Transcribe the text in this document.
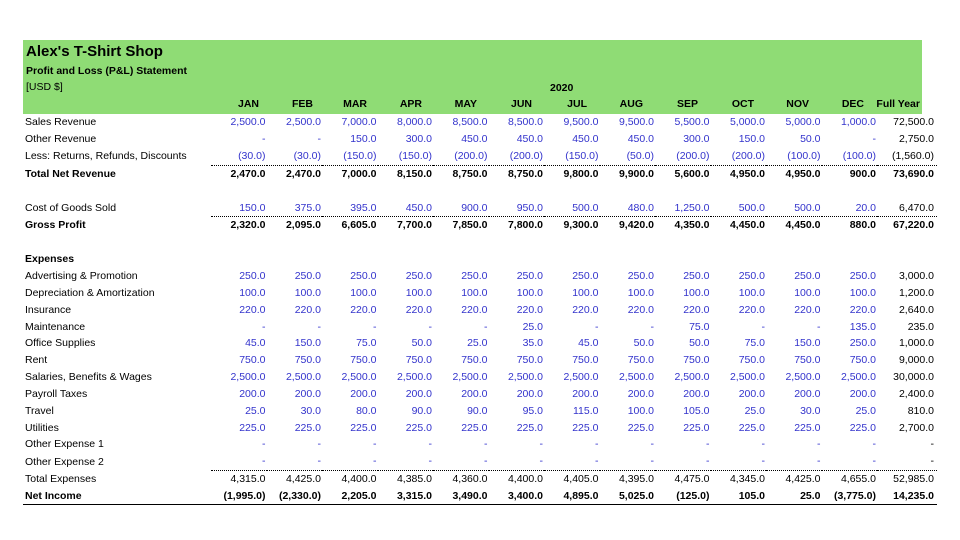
Alex's T-Shirt Shop
Profit and Loss (P&L) Statement
[USD $]	2020
JAN	FEB	MAR	APR	MAY	JUN	JUL	AUG	SEP	OCT	NOV	DEC	Full Year
Sales Revenue	2,500.0	2,500.0	7,000.0	8,000.0	8,500.0	8,500.0	9,500.0	9,500.0	5,500.0	5,000.0	5,000.0	1,000.0	72,500.0
Other Revenue	-	-	150.0	300.0	450.0	450.0	450.0	450.0	300.0	150.0	50.0	-	2,750.0
Less: Returns, Refunds, Discounts	(30.0)	(30.0)	(150.0)	(150.0)	(200.0)	(200.0)	(150.0)	(50.0)	(200.0)	(200.0)	(100.0)	(100.0)	(1,560.0)
Total Net Revenue	2,470.0	2,470.0	7,000.0	8,150.0	8,750.0	8,750.0	9,800.0	9,900.0	5,600.0	4,950.0	4,950.0	900.0	73,690.0

Cost of Goods Sold	150.0	375.0	395.0	450.0	900.0	950.0	500.0	480.0	1,250.0	500.0	500.0	20.0	6,470.0
Gross Profit	2,320.0	2,095.0	6,605.0	7,700.0	7,850.0	7,800.0	9,300.0	9,420.0	4,350.0	4,450.0	4,450.0	880.0	67,220.0

Expenses													
Advertising & Promotion	250.0	250.0	250.0	250.0	250.0	250.0	250.0	250.0	250.0	250.0	250.0	250.0	3,000.0
Depreciation & Amortization	100.0	100.0	100.0	100.0	100.0	100.0	100.0	100.0	100.0	100.0	100.0	100.0	1,200.0
Insurance	220.0	220.0	220.0	220.0	220.0	220.0	220.0	220.0	220.0	220.0	220.0	220.0	2,640.0
Maintenance	-	-	-	-	-	25.0	-	-	75.0	-	-	135.0	235.0
Office Supplies	45.0	150.0	75.0	50.0	25.0	35.0	45.0	50.0	50.0	75.0	150.0	250.0	1,000.0
Rent	750.0	750.0	750.0	750.0	750.0	750.0	750.0	750.0	750.0	750.0	750.0	750.0	9,000.0
Salaries, Benefits & Wages	2,500.0	2,500.0	2,500.0	2,500.0	2,500.0	2,500.0	2,500.0	2,500.0	2,500.0	2,500.0	2,500.0	2,500.0	30,000.0
Payroll Taxes	200.0	200.0	200.0	200.0	200.0	200.0	200.0	200.0	200.0	200.0	200.0	200.0	2,400.0
Travel	25.0	30.0	80.0	90.0	90.0	95.0	115.0	100.0	105.0	25.0	30.0	25.0	810.0
Utilities	225.0	225.0	225.0	225.0	225.0	225.0	225.0	225.0	225.0	225.0	225.0	225.0	2,700.0
Other Expense 1	-	-	-	-	-	-	-	-	-	-	-	-	-
Other Expense 2	-	-	-	-	-	-	-	-	-	-	-	-	-
Total Expenses	4,315.0	4,425.0	4,400.0	4,385.0	4,360.0	4,400.0	4,405.0	4,395.0	4,475.0	4,345.0	4,425.0	4,655.0	52,985.0
Net Income	(1,995.0)	(2,330.0)	2,205.0	3,315.0	3,490.0	3,400.0	4,895.0	5,025.0	(125.0)	105.0	25.0	(3,775.0)	14,235.0
